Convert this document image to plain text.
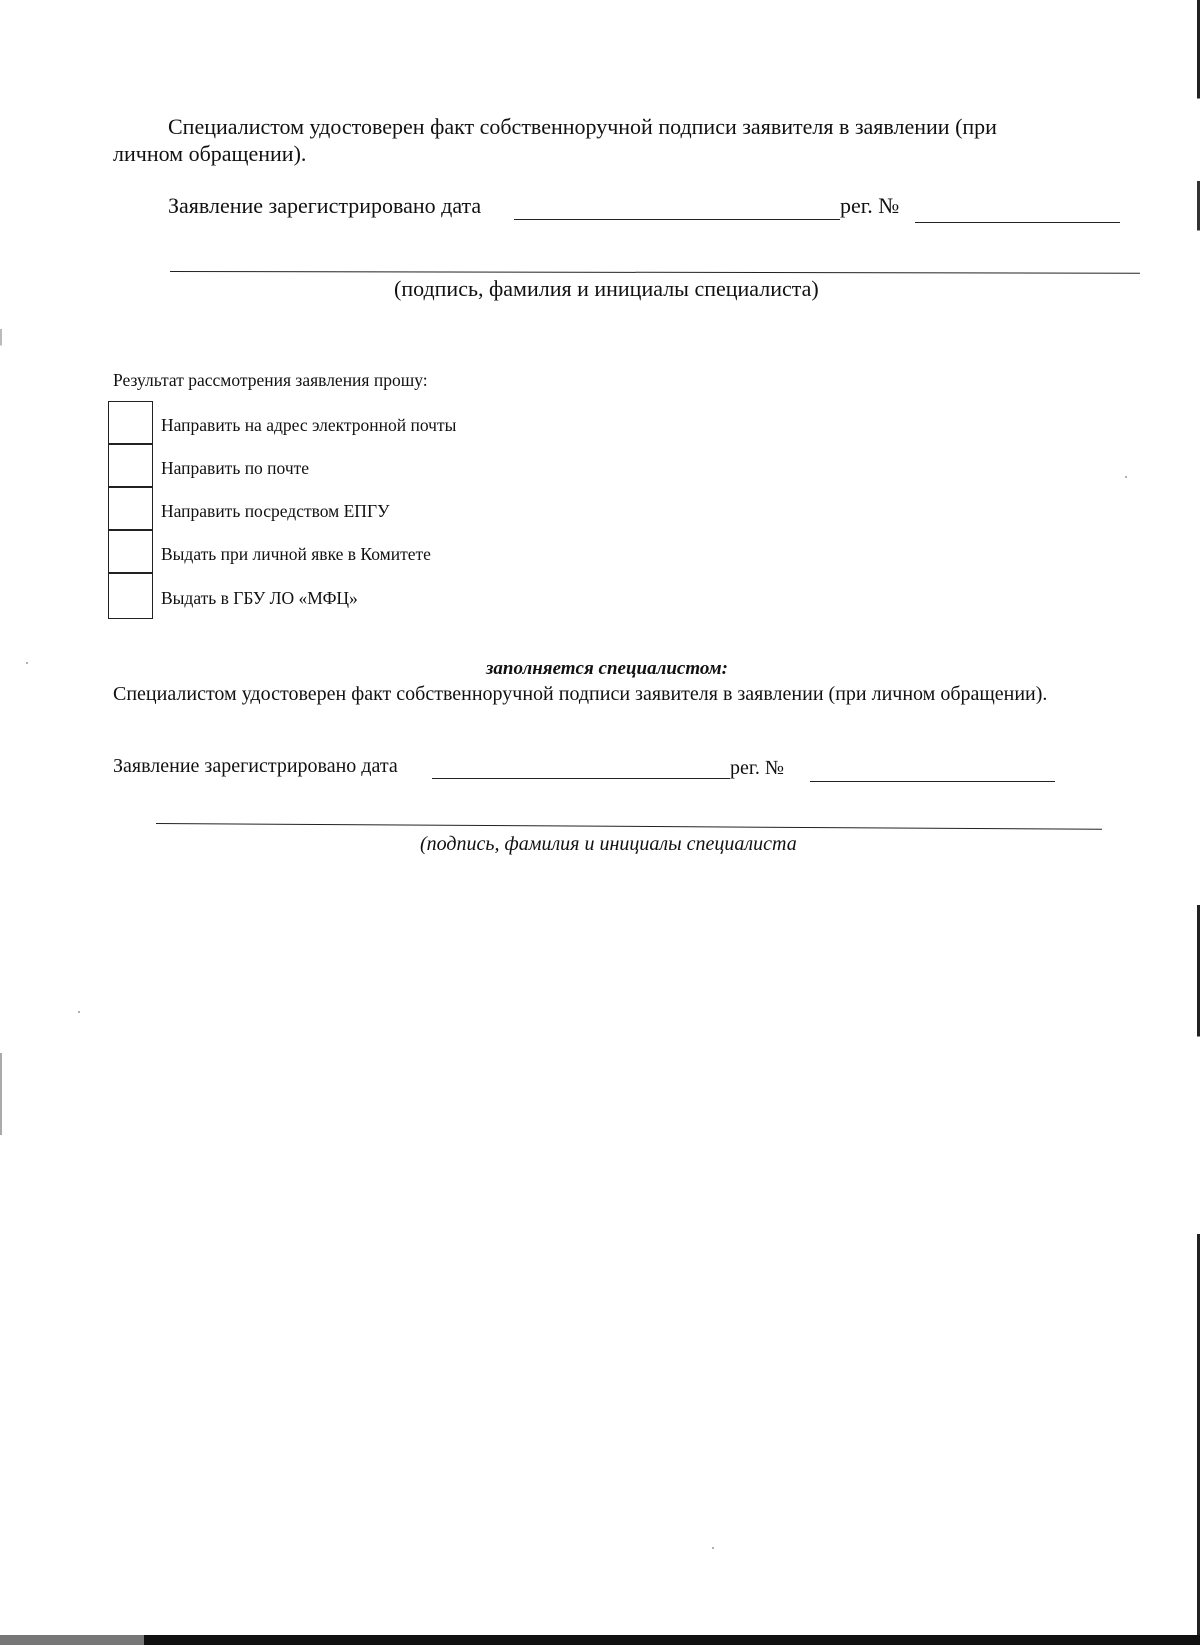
Специалистом удостоверен факт собственноручной подписи заявителя в заявлении (при
личном обращении).
Заявление зарегистрировано дата	рег. №
(подпись, фамилия и инициалы специалиста)
Результат рассмотрения заявления прошу:
Направить на адрес электронной почты
Направить по почте
Направить посредством ЕПГУ
Выдать при личной явке в Комитете
Выдать в ГБУ ЛО «МФЦ»
заполняется специалистом:
Специалистом удостоверен факт собственноручной подписи заявителя в заявлении (при личном обращении).
Заявление зарегистрировано дата	рег. №
(подпись, фамилия и инициалы специалиста
